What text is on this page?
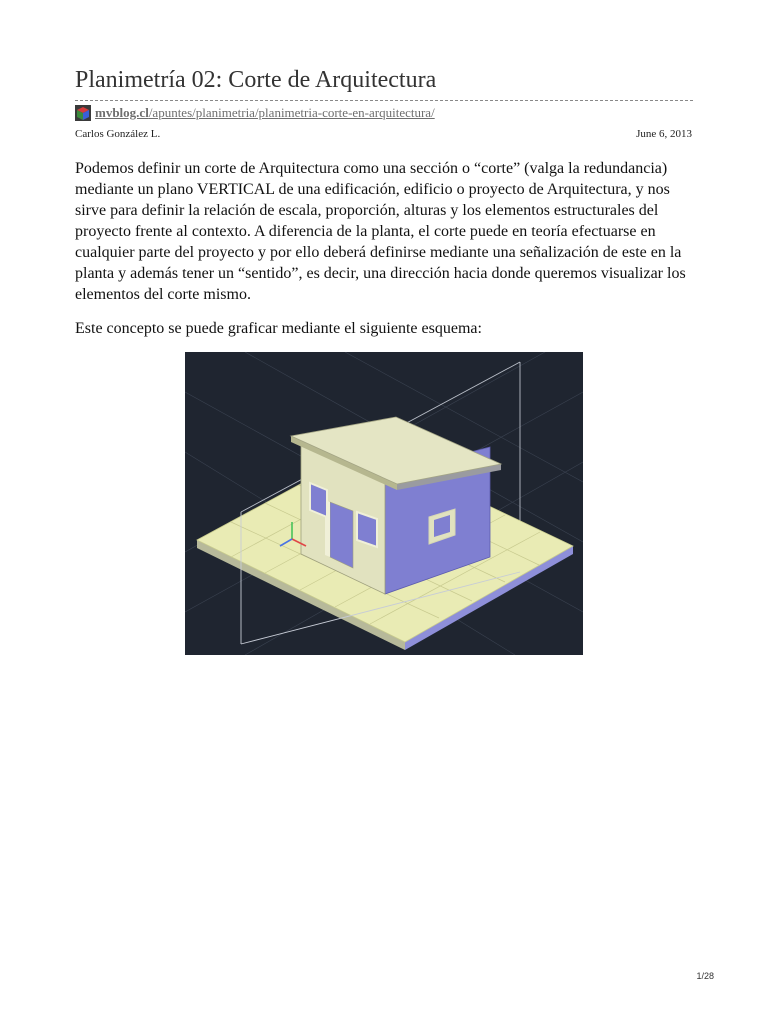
Planimetría 02: Corte de Arquitectura
mvblog.cl/apuntes/planimetria/planimetria-corte-en-arquitectura/
Carlos González L.	June 6, 2013

Podemos definir un corte de Arquitectura como una sección o “corte” (valga la redundancia) mediante un plano VERTICAL de una edificación, edificio o proyecto de Arquitectura, y nos sirve para definir la relación de escala, proporción, alturas y los elementos estructurales del proyecto frente al contexto. A diferencia de la planta, el corte puede en teoría efectuarse en cualquier parte del proyecto y por ello deberá definirse mediante una señalización de este en la planta y además tener un “sentido”, es decir, una dirección hacia donde queremos visualizar los elementos del corte mismo.

Este concepto se puede graficar mediante el siguiente esquema:

1/28
